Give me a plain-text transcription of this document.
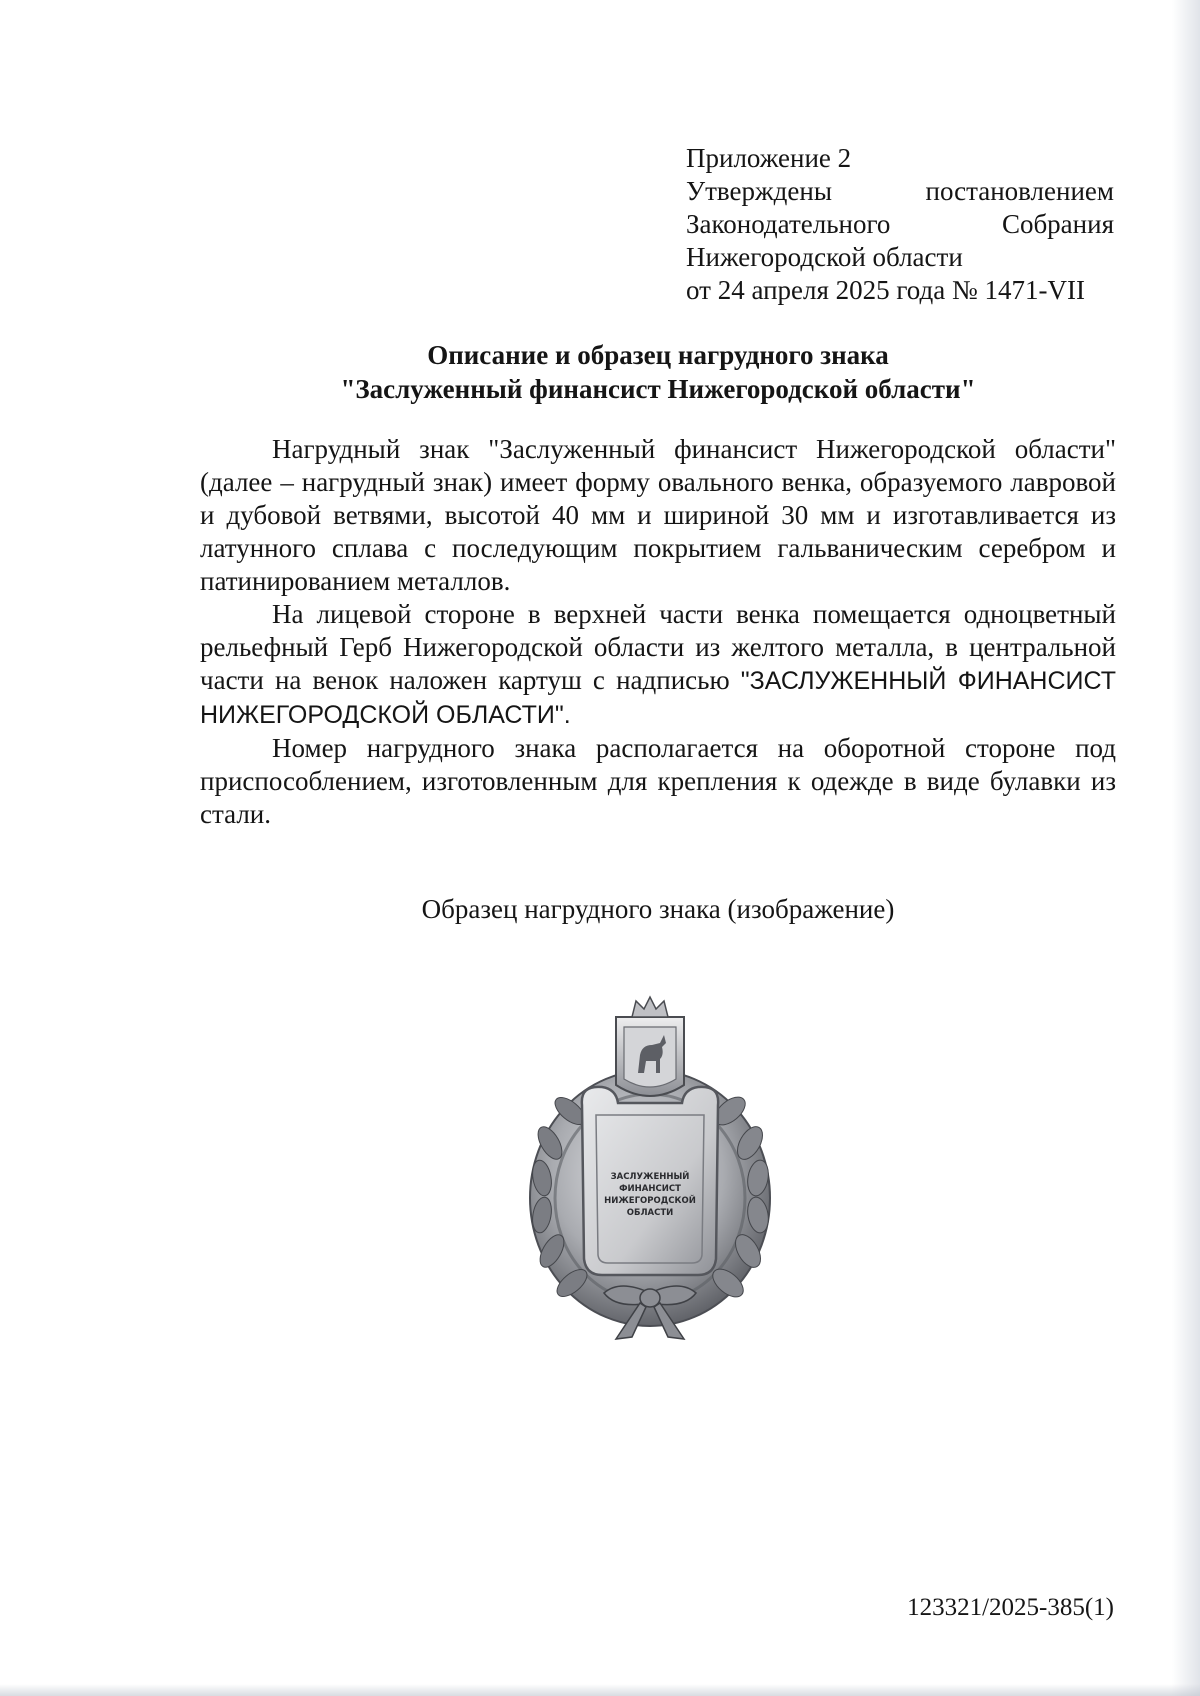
Приложение 2
Утверждены	постановлением
Законодательного	Собрания
Нижегородской области
от 24 апреля 2025 года № 1471-VII
Описание и образец нагрудного знака
"Заслуженный финансист Нижегородской области"

Нагрудный знак "Заслуженный финансист Нижегородской области" (далее – нагрудный знак) имеет форму овального венка, образуемого лавровой и дубовой ветвями, высотой 40 мм и шириной 30 мм и изготавливается из латунного сплава с последующим покрытием гальваническим серебром и патинированием металлов.

На лицевой стороне в верхней части венка помещается одноцветный рельефный Герб Нижегородской области из желтого металла, в центральной части на венок наложен картуш с надписью "ЗАСЛУЖЕННЫЙ ФИНАНСИСТ НИЖЕГОРОДСКОЙ ОБЛАСТИ".

Номер нагрудного знака располагается на оборотной стороне под приспособлением, изготовленным для крепления к одежде в виде булавки из стали.

Образец нагрудного знака (изображение)
ЗАСЛУЖЕННЫЙ
ФИНАНСИСТ
НИЖЕГОРОДСКОЙ
ОБЛАСТИ
123321/2025-385(1)
